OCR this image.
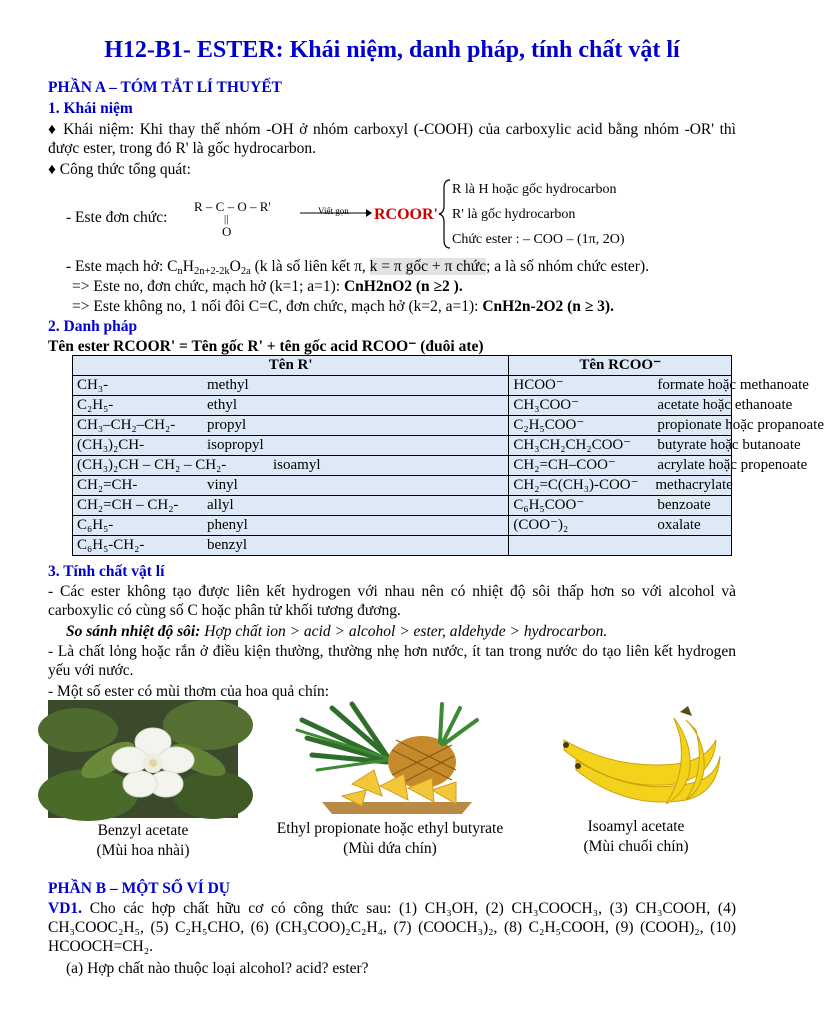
H12-B1- ESTER: Khái niệm, danh pháp, tính chất vật lí
PHẦN A – TÓM TẮT LÍ THUYẾT
1. Khái niệm
♦ Khái niệm: Khi thay thế nhóm -OH ở nhóm carboxyl (-COOH) của carboxylic acid bằng nhóm -OR' thì được ester, trong đó R' là gốc hydrocarbon.
♦ Công thức tổng quát:
- Este đơn chức:
R – C – O – R'
||
O
Viết gọn RCOOR'
R là H hoặc gốc hydrocarbon
R' là gốc hydrocarbon
Chức ester : – COO – (1π, 2O)
- Este mạch hở: $C_nH_{2n+2-2k}O_{2a}$ (k là số liên kết π, k = π gốc + π chức; a là số nhóm chức ester).
=> Este no, đơn chức, mạch hở (k=1; a=1): CnH2nO2 (n ≥2 ).
=> Este không no, 1 nối đôi C=C, đơn chức, mạch hở (k=2, a=1): CnH2n-2O2 (n ≥ 3).
2. Danh pháp
Tên ester RCOOR' = Tên gốc R' + tên gốc acid RCOO⁻ (đuôi ate)
Tên R'	Tên RCOO⁻
CH₃- methyl	HCOO⁻ formate hoặc methanoate

C₂H₅- ethyl	CH₃COO⁻ acetate hoặc ethanoate

CH₃–CH₂–CH₂- propyl	C₂H₅COO⁻ propionate hoặc propanoate

(CH₃)₂CH- isopropyl	CH₃CH₂CH₂COO⁻ butyrate hoặc butanoate

(CH₃)₂CH – CH₂ – CH₂- isoamyl	CH₂=CH–COO⁻ acrylate hoặc propenoate

CH₂=CH- vinyl	CH₂=C(CH₃)-COO⁻ methacrylate

CH₂=CH – CH₂- allyl	C₆H₅COO⁻ benzoate

C₆H₅- phenyl	(COO⁻)₂ oxalate

C₆H₅-CH₂- benzyl	

3. Tính chất vật lí
- Các ester không tạo được liên kết hydrogen với nhau nên có nhiệt độ sôi thấp hơn so với alcohol và carboxylic có cùng số C hoặc phân tử khối tương đương.
So sánh nhiệt độ sôi: Hợp chất ion > acid > alcohol > ester, aldehyde > hydrocarbon.
- Là chất lỏng hoặc rắn ở điều kiện thường, thường nhẹ hơn nước, ít tan trong nước do tạo liên kết hydrogen yếu với nước.
- Một số ester có mùi thơm của hoa quả chín:
Benzyl acetate
(Mùi hoa nhài)
Ethyl propionate hoặc ethyl butyrate
(Mùi dứa chín)
Isoamyl acetate
(Mùi chuối chín)
PHẦN B – MỘT SỐ VÍ DỤ
VD1. Cho các hợp chất hữu cơ có công thức sau: (1) CH₃OH, (2) CH₃COOCH₃, (3) CH₃COOH, (4) CH₃COOC₂H₅, (5) C₂H₅CHO, (6) (CH₃COO)₂C₂H₄, (7) (COOCH₃)₂, (8) C₂H₅COOH, (9) (COOH)₂, (10) HCOOCH=CH₂.
(a) Hợp chất nào thuộc loại alcohol? acid? ester?
